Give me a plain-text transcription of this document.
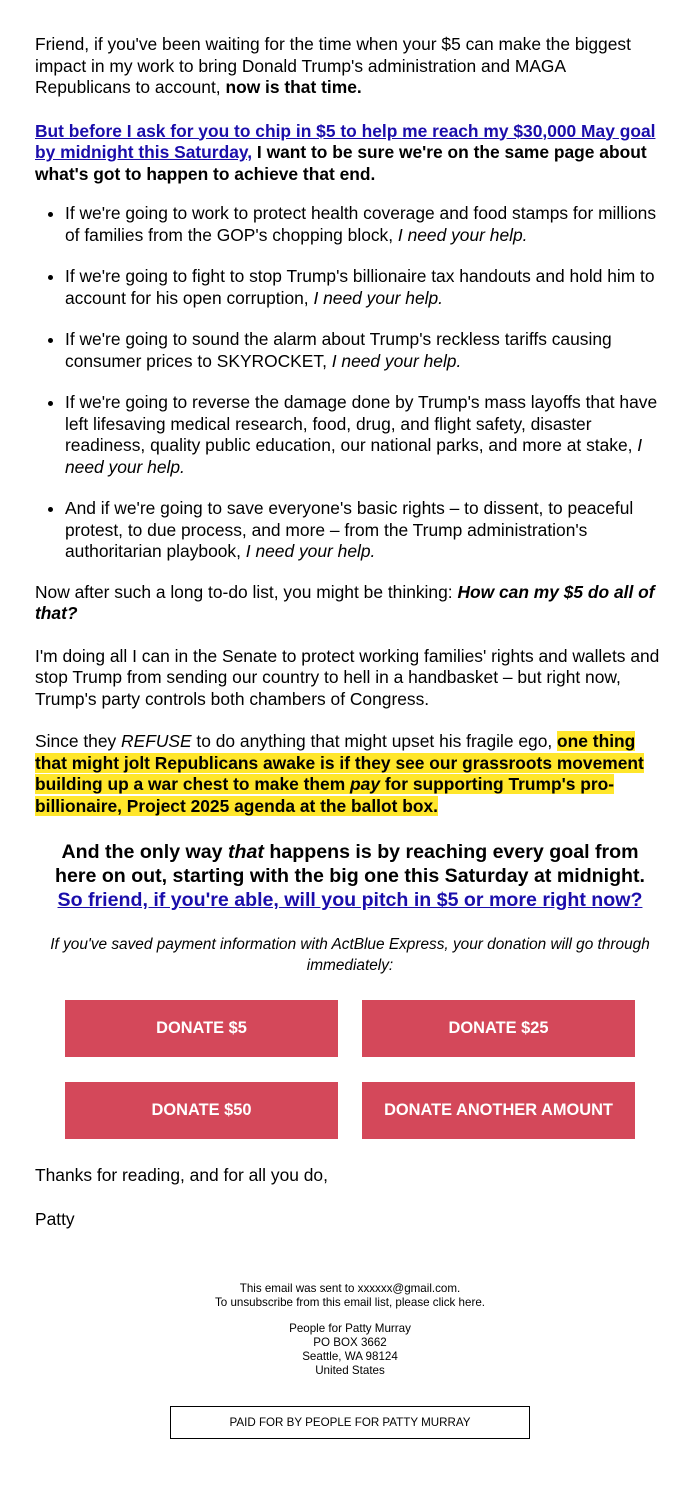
Friend, if you've been waiting for the time when your $5 can make the biggest impact in my work to bring Donald Trump's administration and MAGA Republicans to account, now is that time.

But before I ask for you to chip in $5 to help me reach my $30,000 May goal by midnight this Saturday, I want to be sure we're on the same page about what's got to happen to achieve that end.

• If we're going to work to protect health coverage and food stamps for millions of families from the GOP's chopping block, I need your help.
• If we're going to fight to stop Trump's billionaire tax handouts and hold him to account for his open corruption, I need your help.
• If we're going to sound the alarm about Trump's reckless tariffs causing consumer prices to SKYROCKET, I need your help.
• If we're going to reverse the damage done by Trump's mass layoffs that have left lifesaving medical research, food, drug, and flight safety, disaster readiness, quality public education, our national parks, and more at stake, I need your help.
• And if we're going to save everyone's basic rights – to dissent, to peaceful protest, to due process, and more – from the Trump administration's authoritarian playbook, I need your help.

Now after such a long to-do list, you might be thinking: How can my $5 do all of that?

I'm doing all I can in the Senate to protect working families' rights and wallets and stop Trump from sending our country to hell in a handbasket – but right now, Trump's party controls both chambers of Congress.

Since they REFUSE to do anything that might upset his fragile ego, one thing that might jolt Republicans awake is if they see our grassroots movement building up a war chest to make them pay for supporting Trump's pro-billionaire, Project 2025 agenda at the ballot box.

And the only way that happens is by reaching every goal from here on out, starting with the big one this Saturday at midnight. So friend, if you're able, will you pitch in $5 or more right now?
If you've saved payment information with ActBlue Express, your donation will go through immediately:
DONATE $5	DONATE $25
DONATE $50	DONATE ANOTHER AMOUNT

Thanks for reading, and for all you do,

Patty

This email was sent to xxxxxx@gmail.com.
To unsubscribe from this email list, please click here.
People for Patty Murray
PO BOX 3662
Seattle, WA 98124
United States
PAID FOR BY PEOPLE FOR PATTY MURRAY
